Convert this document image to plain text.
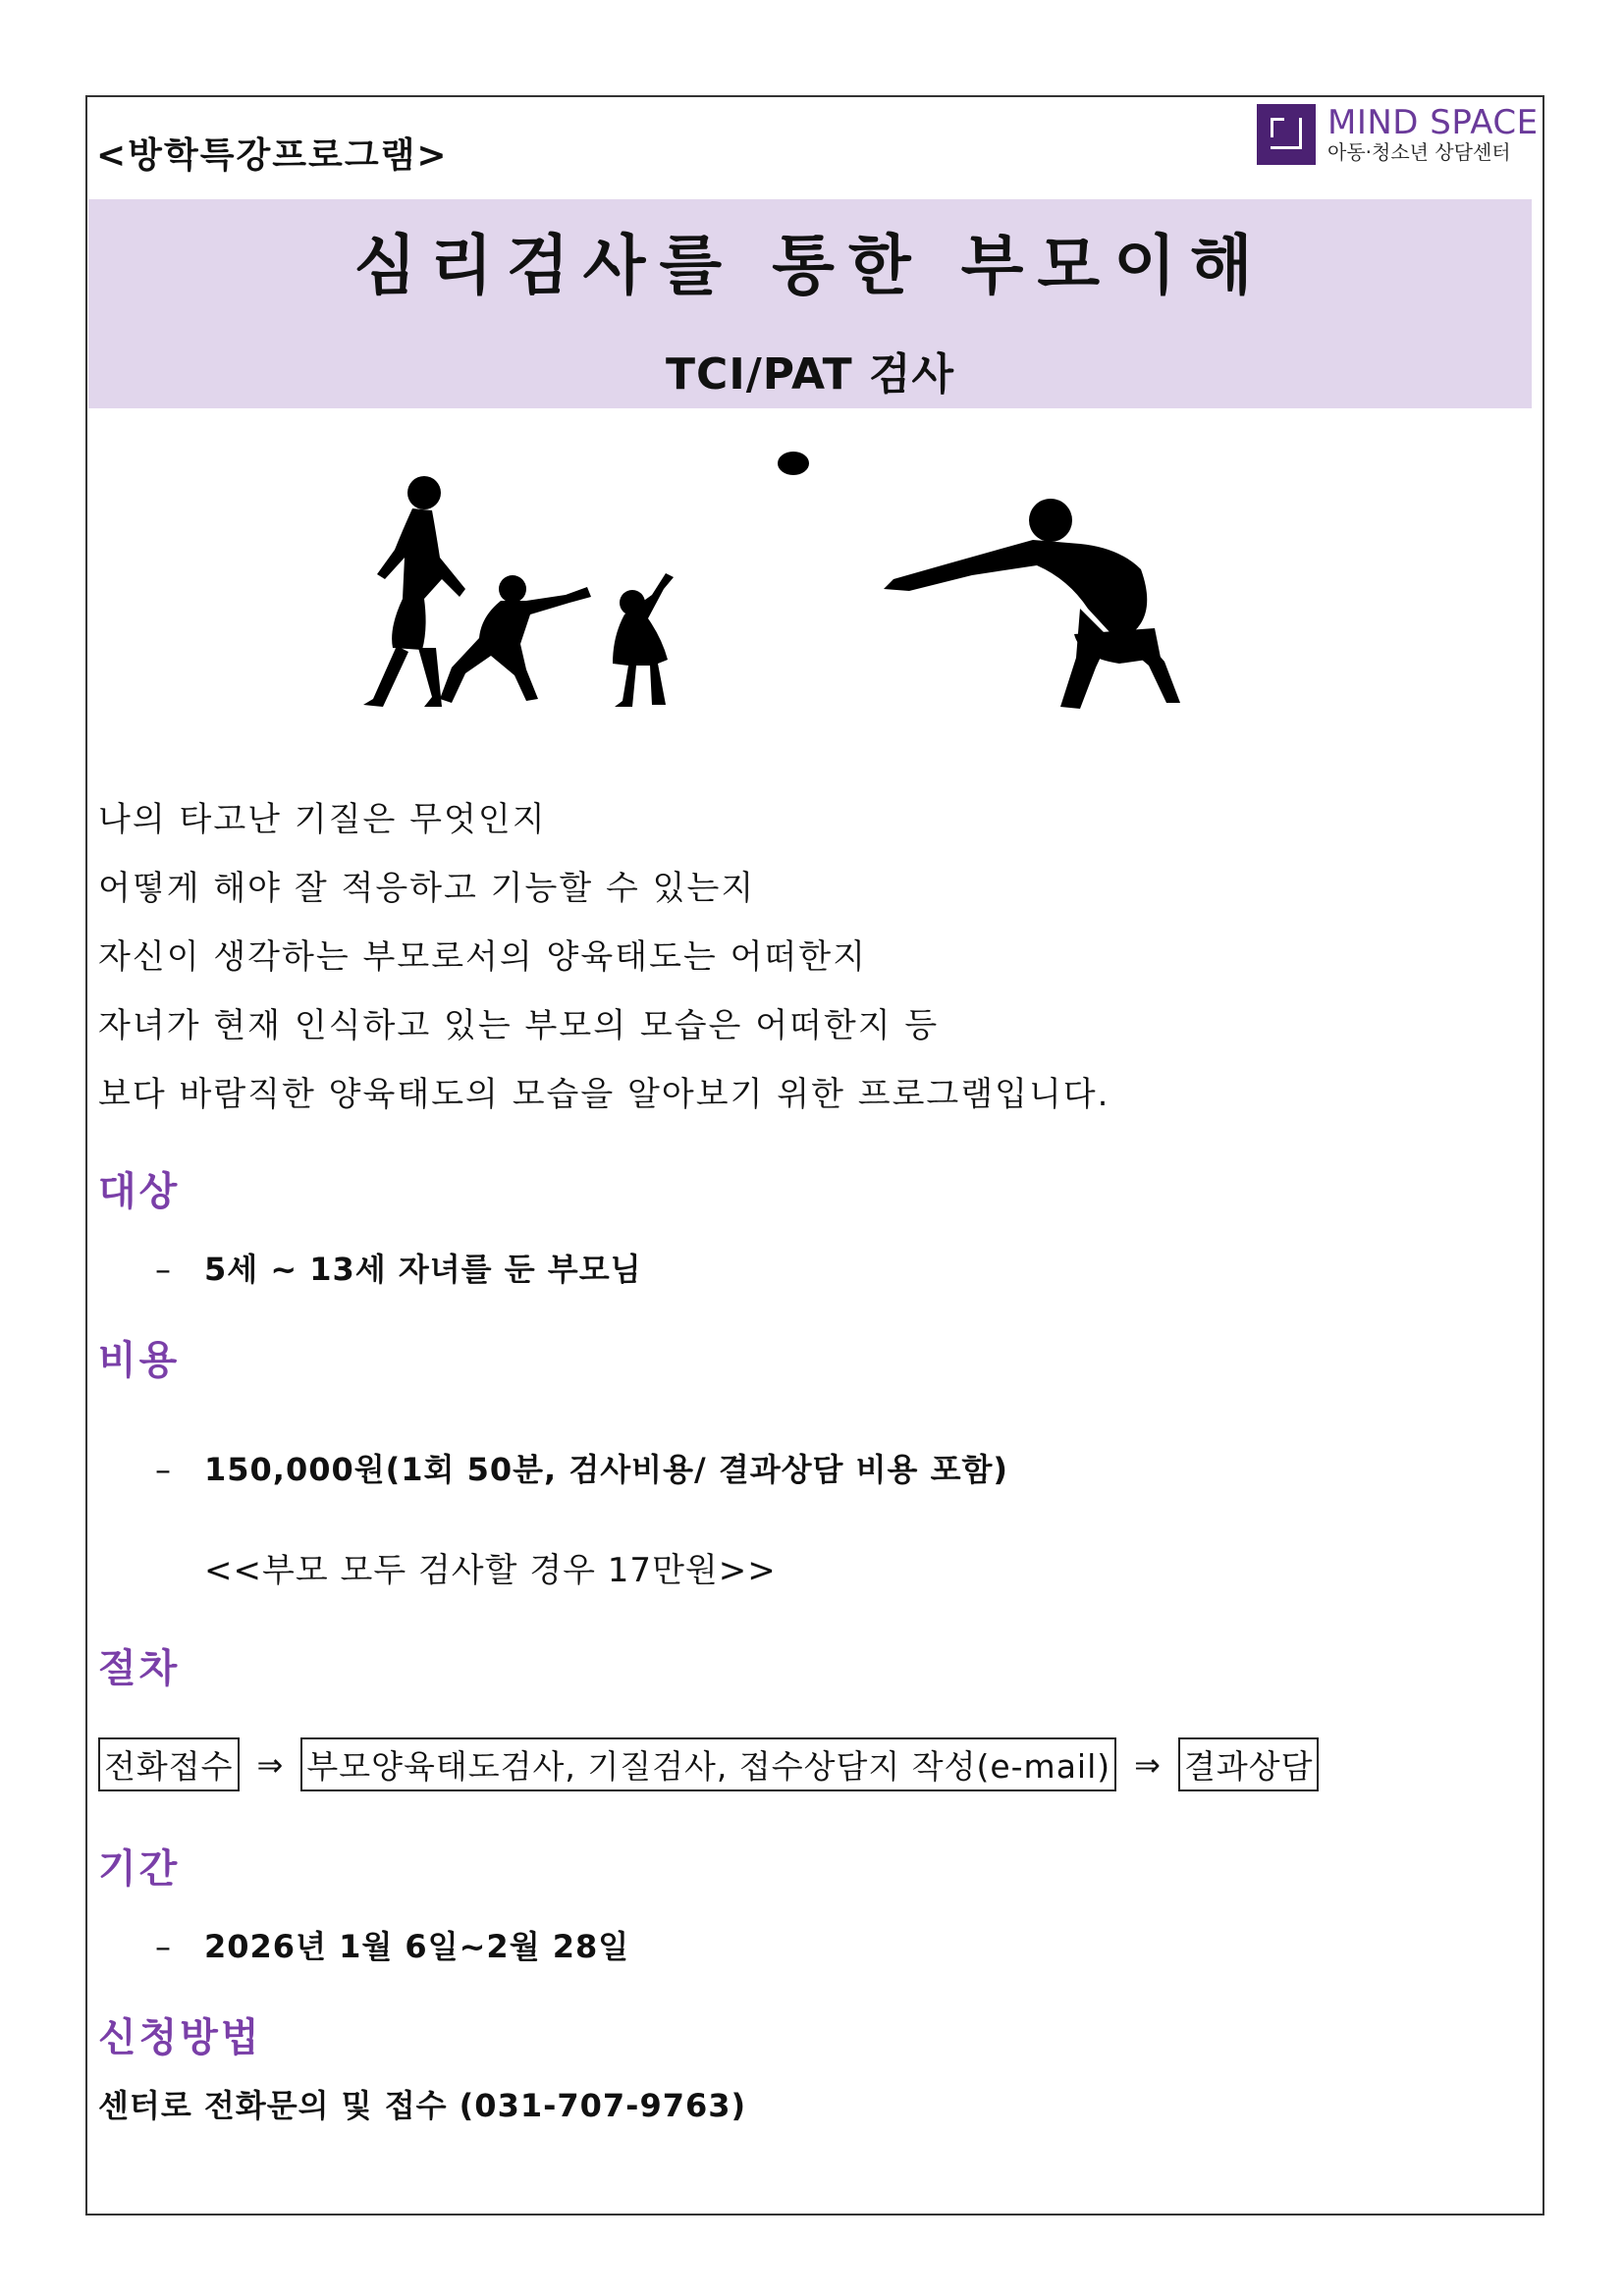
<방학특강프로그램>
MIND SPACE
아동·청소년 상담센터
심리검사를 통한 부모이해
TCI/PAT 검사
나의 타고난 기질은 무엇인지
어떻게 해야 잘 적응하고 기능할 수 있는지
자신이 생각하는 부모로서의 양육태도는 어떠한지
자녀가 현재 인식하고 있는 부모의 모습은 어떠한지 등
보다 바람직한 양육태도의 모습을 알아보기 위한 프로그램입니다.
대상
– 5세 ~ 13세 자녀를 둔 부모님
비용
– 150,000원(1회 50분, 검사비용/ 결과상담 비용 포함)
<<부모 모두 검사할 경우 17만원>>
절차
전화접수 ⇒ 부모양육태도검사, 기질검사, 접수상담지 작성(e-mail) ⇒ 결과상담
기간
– 2026년 1월 6일~2월 28일
신청방법
센터로 전화문의 및 접수 (031-707-9763)
